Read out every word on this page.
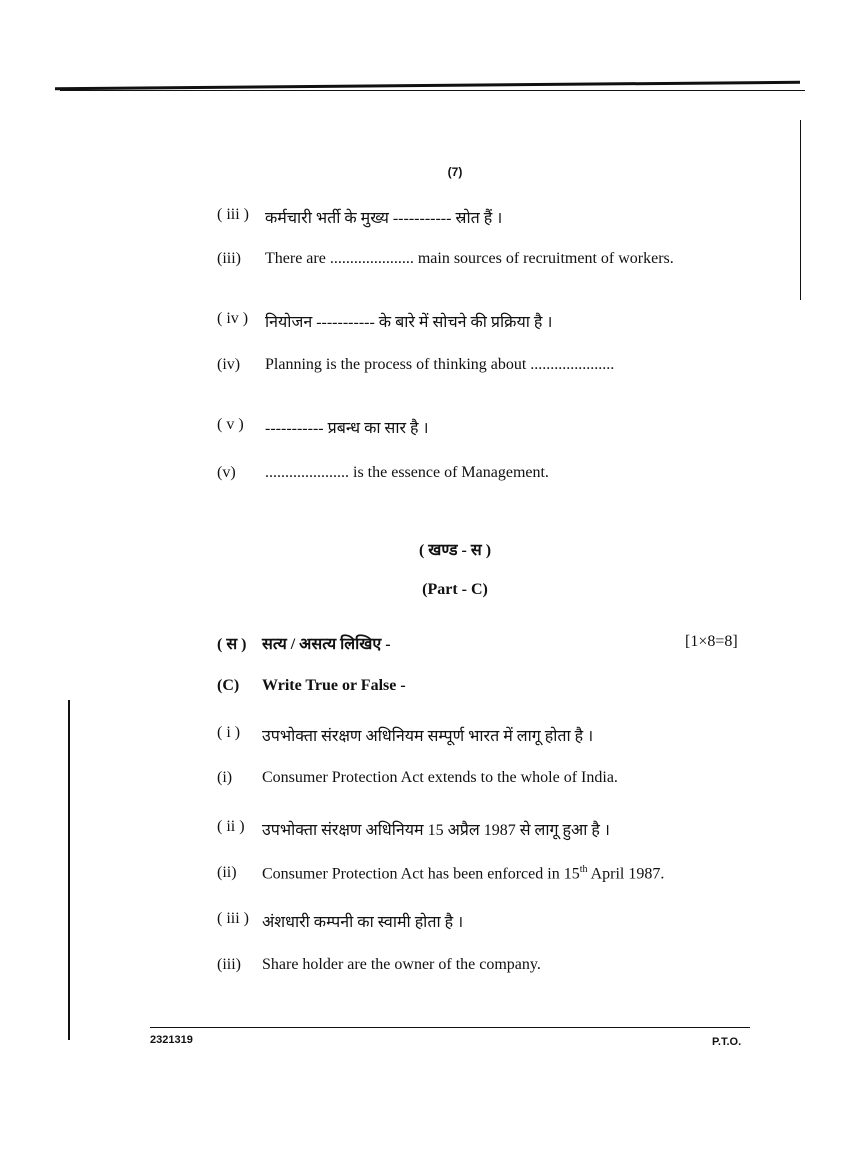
(7)
( iii ) कर्मचारी भर्ती के मुख्य ----------- स्रोत हैं ।
(iii) There are ..................... main sources of recruitment of workers.
( iv ) नियोजन ----------- के बारे में सोचने की प्रक्रिया है ।
(iv) Planning is the process of thinking about .....................
( v ) ----------- प्रबन्ध का सार है ।
(v) ..................... is the essence of Management.
( खण्ड - स )
(Part - C)
( स ) सत्य / असत्य लिखिए -	[1×8=8]
(C) Write True or False -
( i ) उपभोक्ता संरक्षण अधिनियम सम्पूर्ण भारत में लागू होता है ।
(i) Consumer Protection Act extends to the whole of India.
( ii ) उपभोक्ता संरक्षण अधिनियम 15 अप्रैल 1987 से लागू हुआ है ।
(ii) Consumer Protection Act has been enforced in 15th April 1987.
( iii ) अंशधारी कम्पनी का स्वामी होता है ।
(iii) Share holder are the owner of the company.
2321319	P.T.O.
